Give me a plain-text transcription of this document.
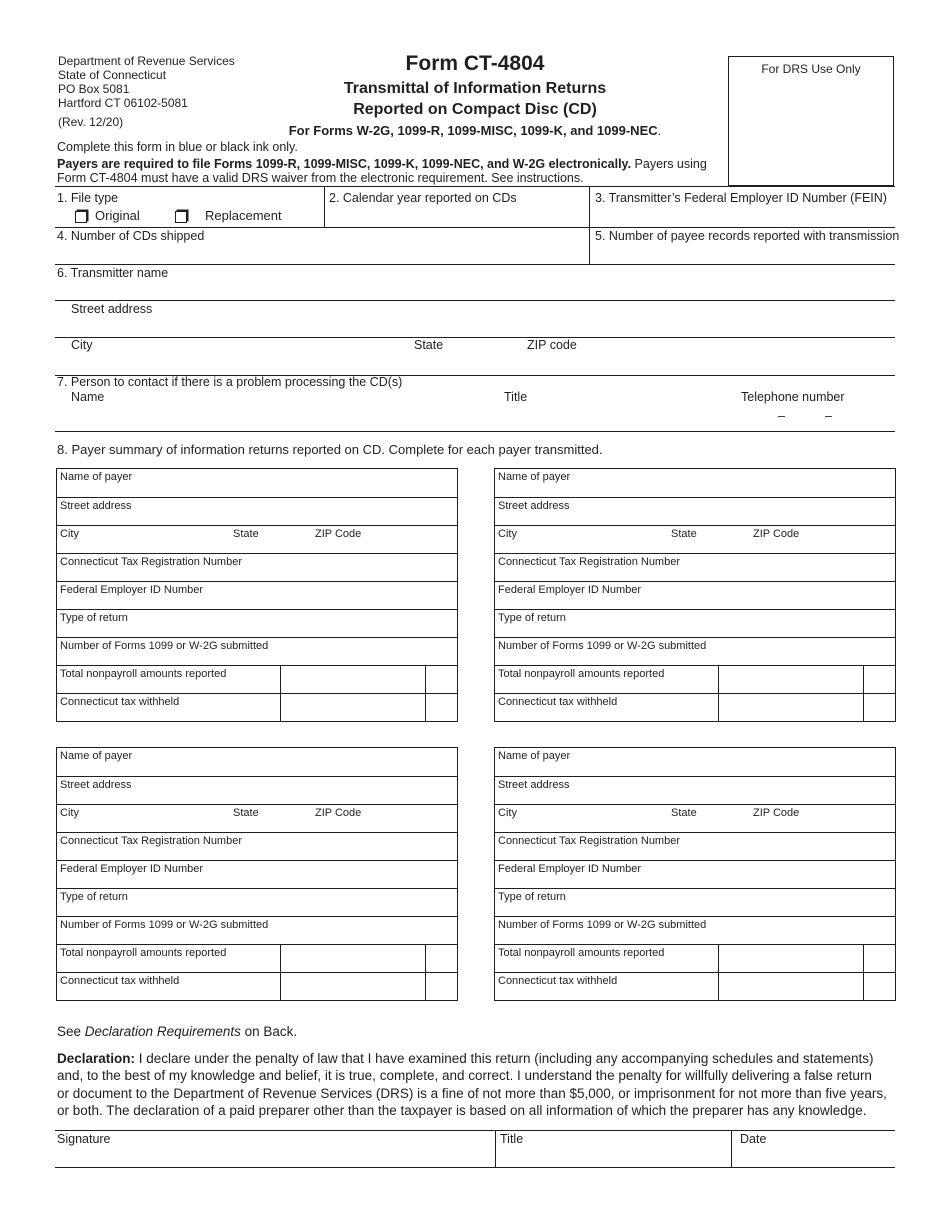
Department of Revenue Services
State of Connecticut
PO Box 5081
Hartford CT 06102-5081
(Rev. 12/20)
Form CT-4804
Transmittal of Information Returns
Reported on Compact Disc (CD)
For Forms W-2G, 1099-R, 1099-MISC, 1099-K, and 1099-NEC.
For DRS Use Only
Complete this form in blue or black ink only.
Payers are required to file Forms 1099-R, 1099-MISC, 1099-K, 1099-NEC, and W-2G electronically. Payers using
Form CT-4804 must have a valid DRS waiver from the electronic requirement. See instructions.
1. File type
Original	Replacement
2. Calendar year reported on CDs	3. Transmitter’s Federal Employer ID Number (FEIN)
4. Number of CDs shipped	5. Number of payee records reported with transmission
6. Transmitter name
Street address
City	State	ZIP code
7. Person to contact if there is a problem processing the CD(s)
Name	Title	Telephone number
–	–
8. Payer summary of information returns reported on CD. Complete for each payer transmitted.
Name of payer
Street address
City	State	ZIP Code
Connecticut Tax Registration Number
Federal Employer ID Number
Type of return
Number of Forms 1099 or W-2G submitted
Total nonpayroll amounts reported
Connecticut tax withheld
Name of payer
Street address
City	State	ZIP Code
Connecticut Tax Registration Number
Federal Employer ID Number
Type of return
Number of Forms 1099 or W-2G submitted
Total nonpayroll amounts reported
Connecticut tax withheld
Name of payer
Street address
City	State	ZIP Code
Connecticut Tax Registration Number
Federal Employer ID Number
Type of return
Number of Forms 1099 or W-2G submitted
Total nonpayroll amounts reported
Connecticut tax withheld
Name of payer
Street address
City	State	ZIP Code
Connecticut Tax Registration Number
Federal Employer ID Number
Type of return
Number of Forms 1099 or W-2G submitted
Total nonpayroll amounts reported
Connecticut tax withheld
See Declaration Requirements on Back.
Declaration: I declare under the penalty of law that I have examined this return (including any accompanying schedules and statements)
and, to the best of my knowledge and belief, it is true, complete, and correct. I understand the penalty for willfully delivering a false return
or document to the Department of Revenue Services (DRS) is a fine of not more than $5,000, or imprisonment for not more than five years,
or both. The declaration of a paid preparer other than the taxpayer is based on all information of which the preparer has any knowledge.
Signature	Title	Date
